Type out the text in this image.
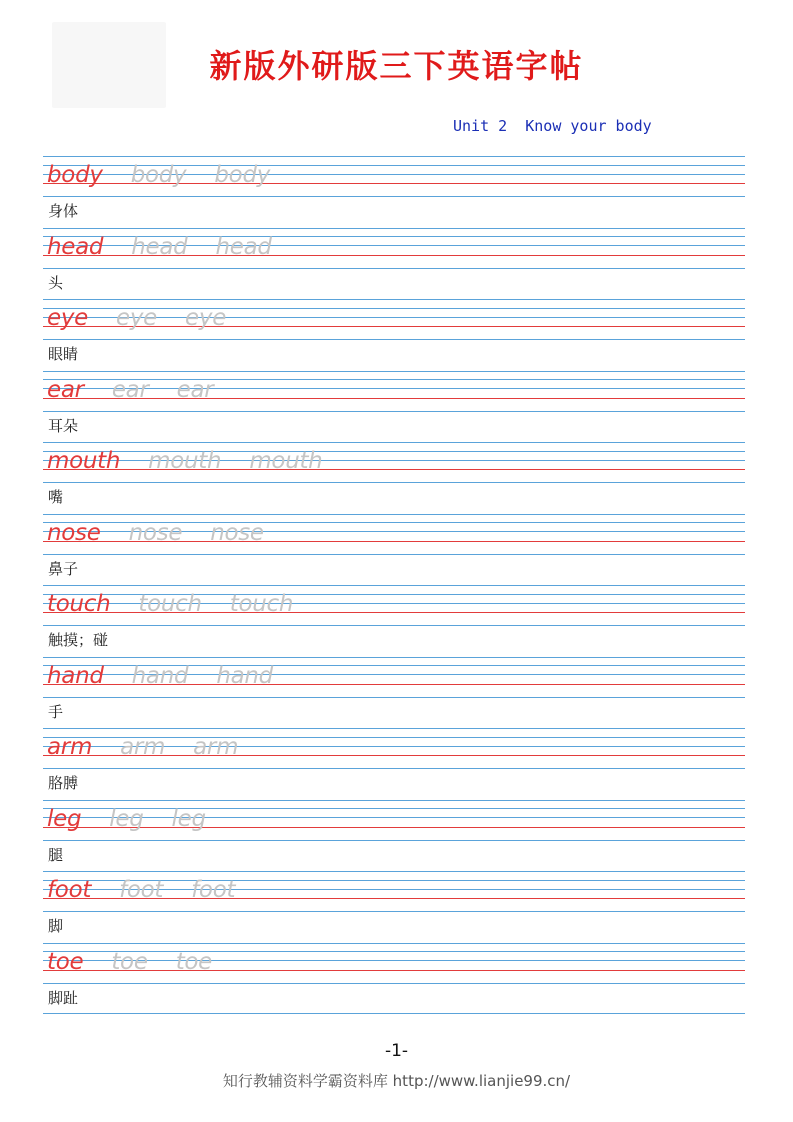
新版外研版三下英语字帖
Unit 2  Know your body
body body body
身体
head head head
头
eye eye eye
眼睛
ear ear ear
耳朵
mouth mouth mouth
嘴
nose nose nose
鼻子
touch touch touch
触摸；碰
hand hand hand
手
arm arm arm
胳膊
leg leg leg
腿
foot foot foot
脚
toe toe toe
脚趾
-1-
知行教辅资料学霸资料库 http://www.lianjie99.cn/
